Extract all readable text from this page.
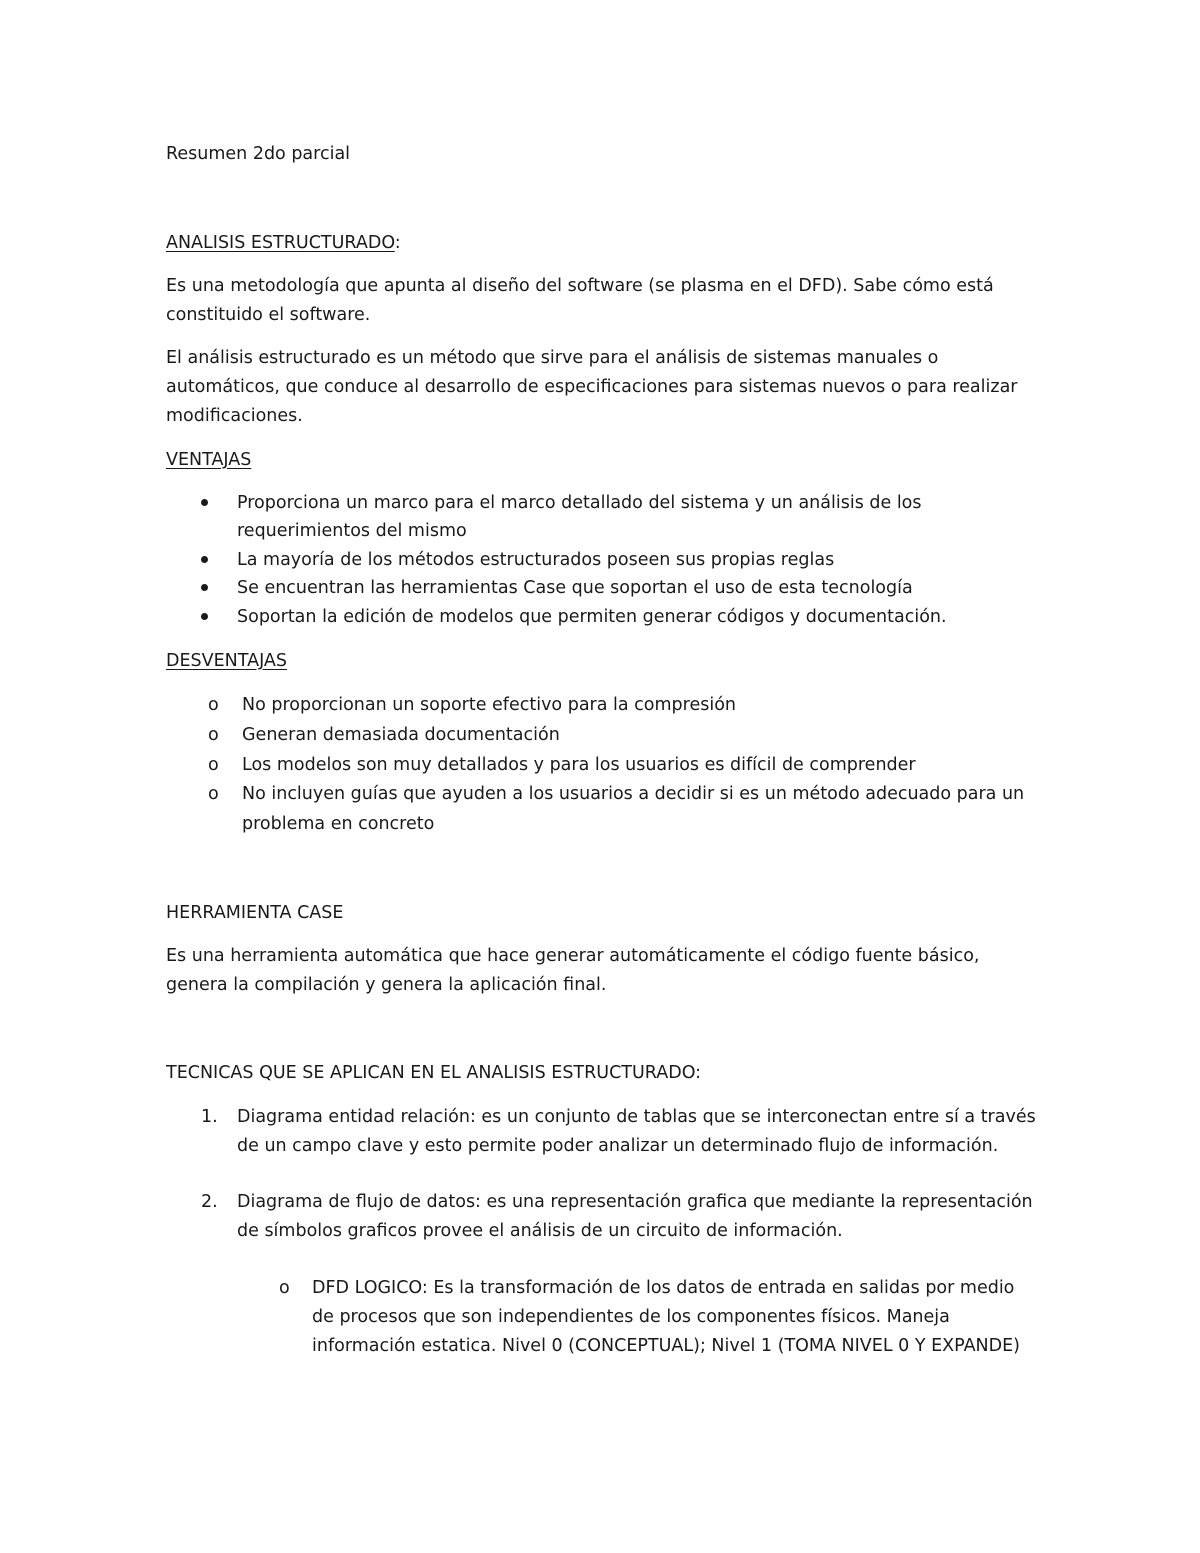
Resumen 2do parcial

ANALISIS ESTRUCTURADO:

Es una metodología que apunta al diseño del software (se plasma en el DFD). Sabe cómo está

constituido el software.

El análisis estructurado es un método que sirve para el análisis de sistemas manuales o

automáticos, que conduce al desarrollo de especificaciones para sistemas nuevos o para realizar

modificaciones.

VENTAJAS

Proporciona un marco para el marco detallado del sistema y un análisis de los

requerimientos del mismo

La mayoría de los métodos estructurados poseen sus propias reglas

Se encuentran las herramientas Case que soportan el uso de esta tecnología

Soportan la edición de modelos que permiten generar códigos y documentación.

DESVENTAJAS

o No proporcionan un soporte efectivo para la compresión

o Generan demasiada documentación

o Los modelos son muy detallados y para los usuarios es difícil de comprender

o No incluyen guías que ayuden a los usuarios a decidir si es un método adecuado para un

problema en concreto

HERRAMIENTA CASE

Es una herramienta automática que hace generar automáticamente el código fuente básico,

genera la compilación y genera la aplicación final.

TECNICAS QUE SE APLICAN EN EL ANALISIS ESTRUCTURADO:

1. Diagrama entidad relación: es un conjunto de tablas que se interconectan entre sí a través

de un campo clave y esto permite poder analizar un determinado flujo de información.

2. Diagrama de flujo de datos: es una representación grafica que mediante la representación

de símbolos graficos provee el análisis de un circuito de información.

o DFD LOGICO: Es la transformación de los datos de entrada en salidas por medio

de procesos que son independientes de los componentes físicos. Maneja

información estatica. Nivel 0 (CONCEPTUAL); Nivel 1 (TOMA NIVEL 0 Y EXPANDE)
